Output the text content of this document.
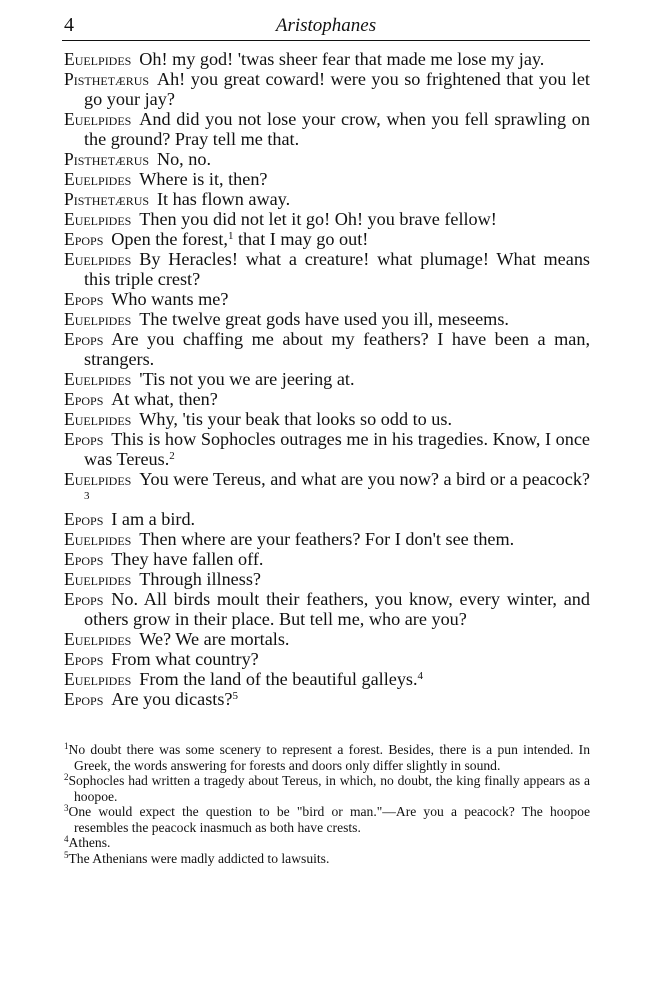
4	Aristophanes
Euelpides Oh! my god! 'twas sheer fear that made me lose my jay.
Pisthetærus Ah! you great coward! were you so frightened that you let go your jay?
Euelpides And did you not lose your crow, when you fell sprawling on the ground? Pray tell me that.
Pisthetærus No, no.
Euelpides Where is it, then?
Pisthetærus It has flown away.
Euelpides Then you did not let it go! Oh! you brave fellow!
Epops Open the forest,$^1$ that I may go out!
Euelpides By Heracles! what a creature! what plumage! What means this triple crest?
Epops Who wants me?
Euelpides The twelve great gods have used you ill, meseems.
Epops Are you chaffing me about my feathers? I have been a man, strangers.
Euelpides 'Tis not you we are jeering at.
Epops At what, then?
Euelpides Why, 'tis your beak that looks so odd to us.
Epops This is how Sophocles outrages me in his tragedies. Know, I once was Tereus.$^2$
Euelpides You were Tereus, and what are you now? a bird or a peacock?$^3$
Epops I am a bird.
Euelpides Then where are your feathers? For I don't see them.
Epops They have fallen off.
Euelpides Through illness?
Epops No. All birds moult their feathers, you know, every winter, and others grow in their place. But tell me, who are you?
Euelpides We? We are mortals.
Epops From what country?
Euelpides From the land of the beautiful galleys.$^4$
Epops Are you dicasts?$^5$
$^1$No doubt there was some scenery to represent a forest. Besides, there is a pun intended. In Greek, the words answering for forests and doors only differ slightly in sound.
$^2$Sophocles had written a tragedy about Tereus, in which, no doubt, the king finally appears as a hoopoe.
$^3$One would expect the question to be "bird or man."—Are you a peacock? The hoopoe resembles the peacock inasmuch as both have crests.
$^4$Athens.
$^5$The Athenians were madly addicted to lawsuits.
